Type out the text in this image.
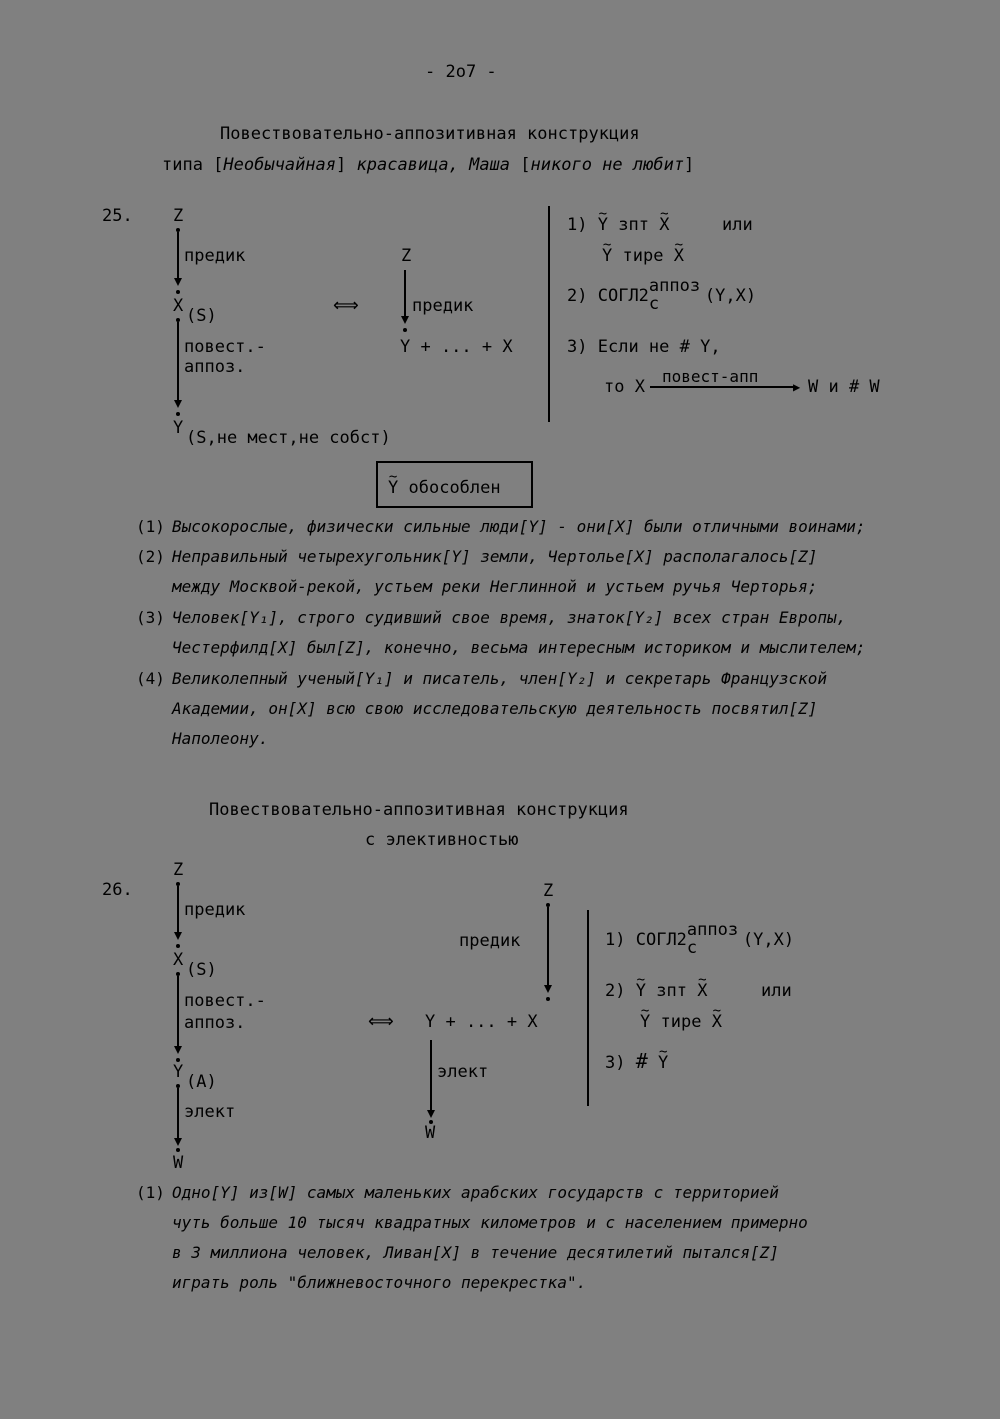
- 2o7 -
Повествовательно-аппозитивная конструкция
типа [Необычайная] красавица, Маша [никого не любит]
25. Z
предик
X (S)
повест.-
аппоз.
Y (S,не мест,не собст)
⟺
Z
предик
Y + ... + X
1) ~ Y зпт ~ X	или
~ Y тире ~ X
2) СОГЛ2 аппоз
с	(Y,X)
3) Если не # Y,
то X
повест-апп
▶ W и # W
~ Y обособлен
(1) Высокорослые, физически сильные люди[Y] - они[X] были отличными воинами;
(2) Неправильный четырехугольник[Y] земли, Чертолье[X] располагалось[Z]
между Москвой-рекой, устьем реки Неглинной и устьем ручья Черторья;
(3) Человек[Y₁], строго судивший свое время, знаток[Y₂] всех стран Европы,
Честерфилд[X] был[Z], конечно, весьма интересным историком и мыслителем;
(4) Великолепный ученый[Y₁] и писатель, член[Y₂] и секретарь Французской
Академии, он[X] всю свою исследовательскую деятельность посвятил[Z]
Наполеону.
Повествовательно-аппозитивная конструкция
с элективностью
26.
Z
предик
X (S)
повест.-
аппоз.
Y (A)
элект
W
⟺
Z
предик
Y + ... + X
элект
W
1) СОГЛ2 аппоз
с	(Y,X)
2) ~ Y зпт ~ X	или
~ Y тире ~ X
3) # ~ Y
(1) Одно[Y] из[W] самых маленьких арабских государств с территорией
чуть больше 10 тысяч квадратных километров и с населением примерно
в 3 миллиона человек, Ливан[X] в течение десятилетий пытался[Z]
играть роль "ближневосточного перекрестка".
